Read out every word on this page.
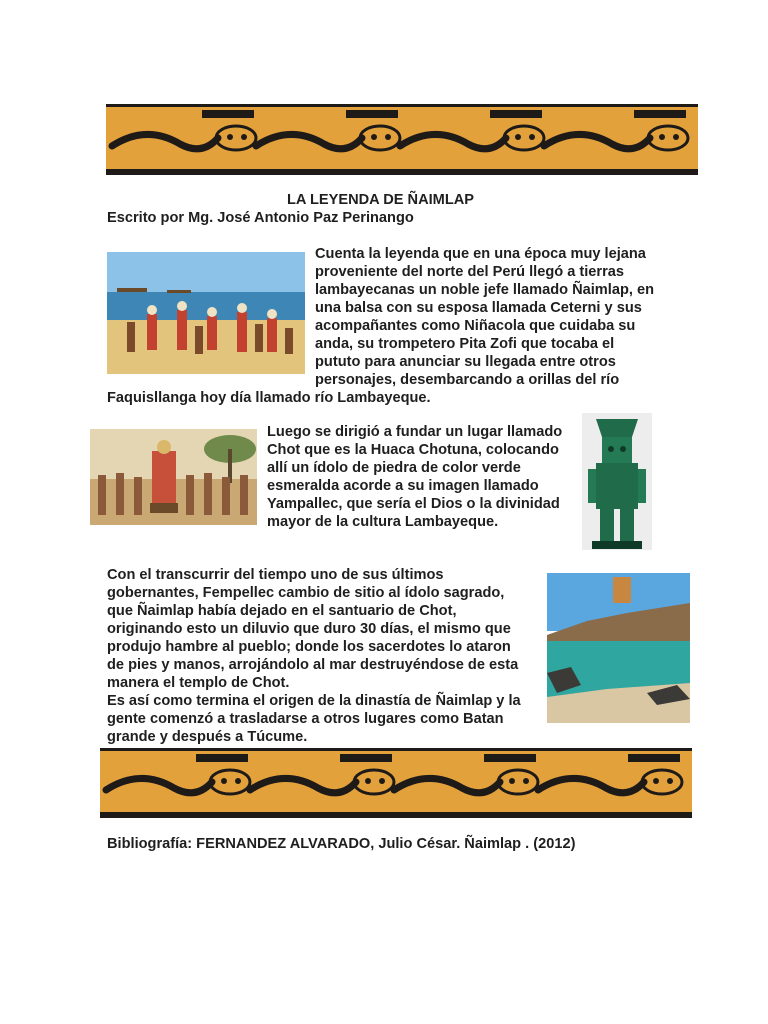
LA LEYENDA DE ÑAIMLAP
Escrito por Mg. José Antonio Paz Perinango

Cuenta la leyenda que en una época muy lejana

proveniente del norte del Perú llegó a tierras

lambayecanas un noble jefe llamado Ñaimlap, en

una balsa con su esposa llamada Ceterni y sus

acompañantes como Niñacola que cuidaba su

anda, su trompetero Pita Zofi que tocaba el

pututo para anunciar su llegada entre otros

personajes, desembarcando a orillas del río

Faquisllanga hoy día llamado río Lambayeque.

Luego se dirigió a fundar un lugar llamado

Chot que es la Huaca Chotuna, colocando

allí un ídolo de piedra de color verde

esmeralda acorde a su imagen llamado

Yampallec, que sería el Dios o la divinidad

mayor de la cultura Lambayeque.

Con el transcurrir del tiempo uno de sus últimos

gobernantes, Fempellec cambio de sitio al ídolo sagrado,

que Ñaimlap había dejado en el santuario de Chot,

originando esto un diluvio que duro 30 días, el mismo que

produjo hambre al pueblo; donde los sacerdotes lo ataron

de pies y manos, arrojándolo al mar destruyéndose de esta

manera el templo de Chot.

Es así como termina el origen de la dinastía de Ñaimlap y la

gente comenzó a trasladarse a otros lugares como Batan

grande y después a Túcume.

Bibliografía: FERNANDEZ ALVARADO, Julio César. Ñaimlap . (2012)
